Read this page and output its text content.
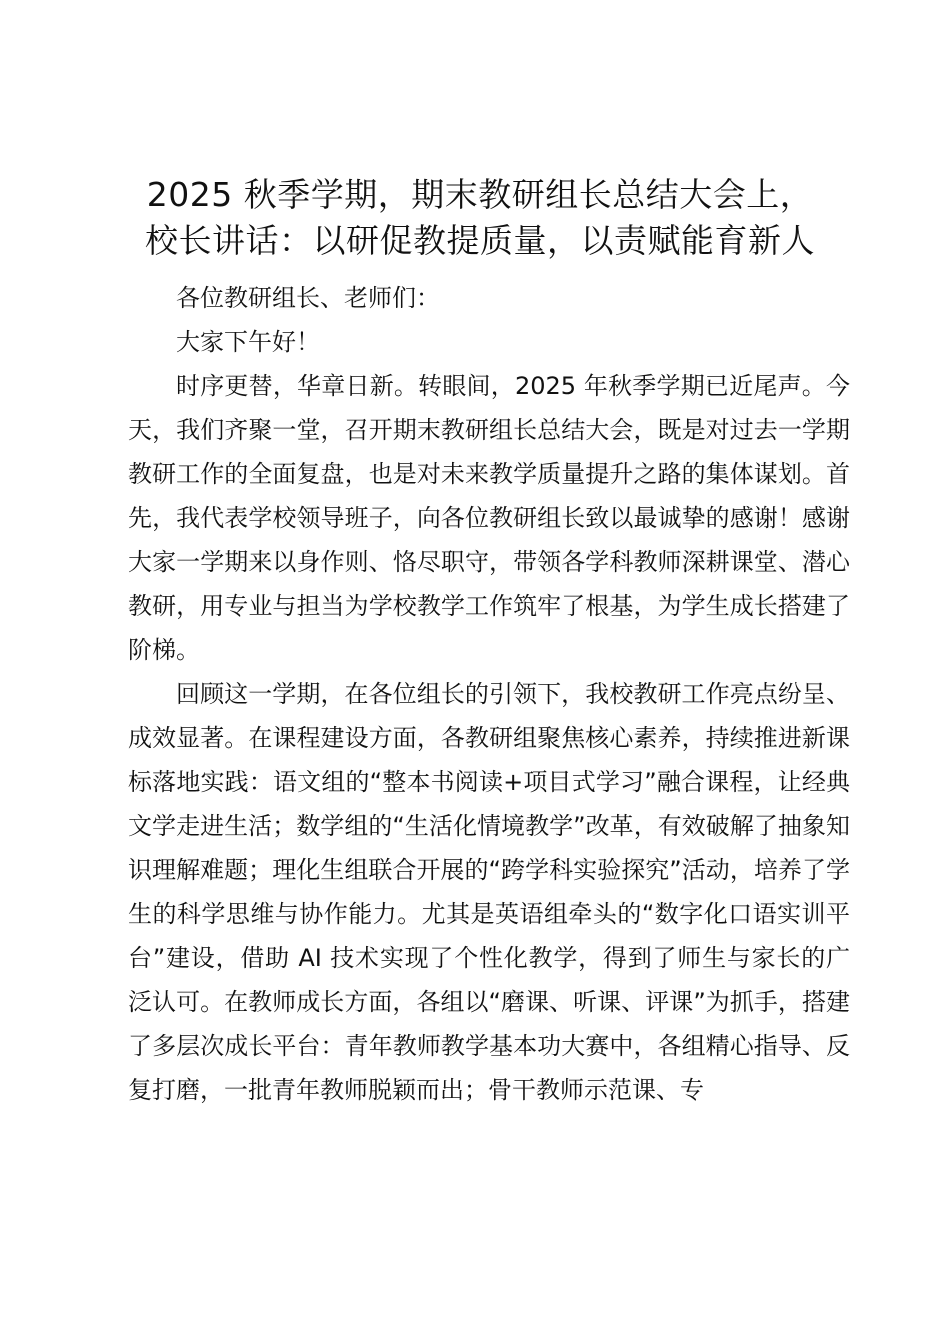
2025 秋季学期，期末教研组长总结大会上，
校长讲话：以研促教提质量，以责赋能育新人

各位教研组长、老师们：

大家下午好！

时序更替，华章日新。转眼间，2025 年秋季学期已近尾声。今天，我们齐聚一堂，召开期末教研组长总结大会，既是对过去一学期教研工作的全面复盘，也是对未来教学质量提升之路的集体谋划。首先，我代表学校领导班子，向各位教研组长致以最诚挚的感谢！感谢大家一学期来以身作则、恪尽职守，带领各学科教师深耕课堂、潜心教研，用专业与担当为学校教学工作筑牢了根基，为学生成长搭建了阶梯。

回顾这一学期，在各位组长的引领下，我校教研工作亮点纷呈、成效显著。在课程建设方面，各教研组聚焦核心素养，持续推进新课标落地实践：语文组的“整本书阅读+项目式学习”融合课程，让经典文学走进生活；数学组的“生活化情境教学”改革，有效破解了抽象知识理解难题；理化生组联合开展的“跨学科实验探究”活动，培养了学生的科学思维与协作能力。尤其是英语组牵头的“数字化口语实训平台”建设，借助 AI 技术实现了个性化教学，得到了师生与家长的广泛认可。在教师成长方面，各组以“磨课、听课、评课”为抓手，搭建了多层次成长平台：青年教师教学基本功大赛中，各组精心指导、反复打磨，一批青年教师脱颖而出；骨干教师示范课、专
